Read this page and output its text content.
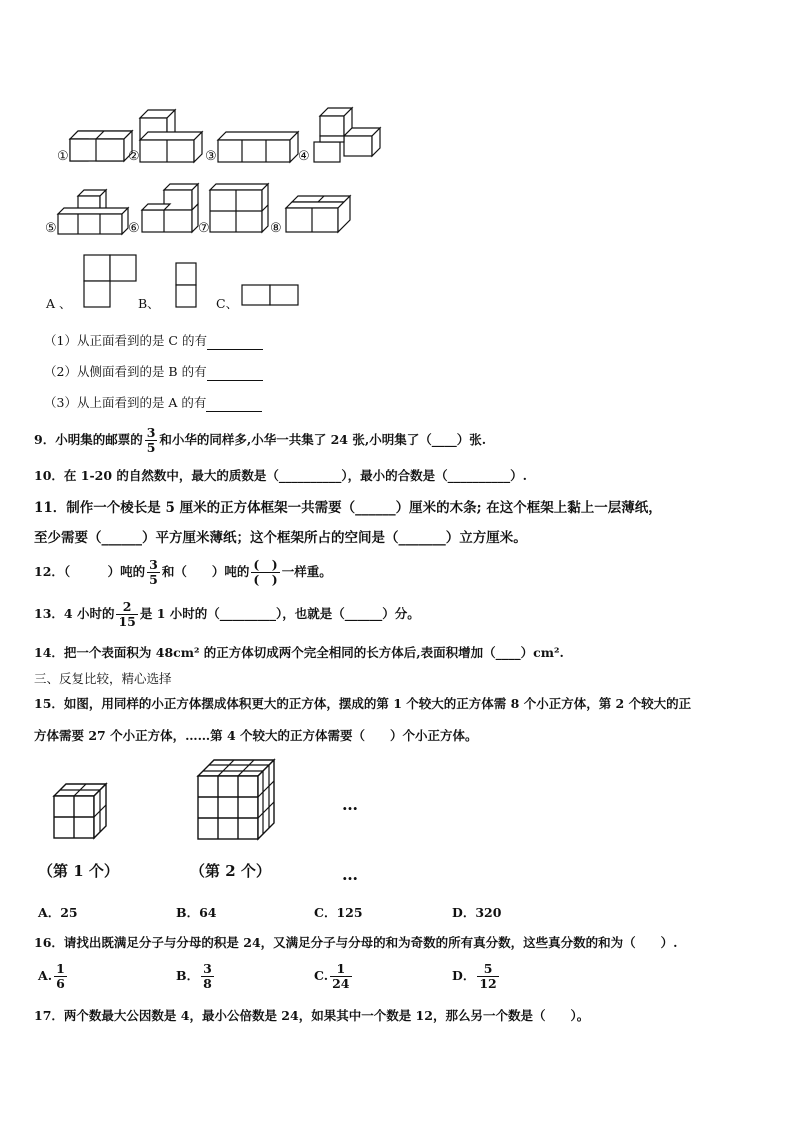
①	②	③	④
⑤	⑥	⑦	⑧
A 、	B、	C、
（1）从正面看到的是 C 的有
（2）从侧面看到的是 B 的有
（3）从上面看到的是 A 的有
9．小明集的邮票的 $\frac{3}{5}$ 和小华的同样多,小华一共集了 24 张,小明集了（____）张.
10．在 1-20 的自然数中，最大的质数是（__________），最小的合数是（__________）.
11．制作一个棱长是 5 厘米的正方体框架一共需要（______）厘米的木条; 在这个框架上黏上一层薄纸，
至少需要（______）平方厘米薄纸；这个框架所占的空间是（_______）立方厘米。
12．（　　　）吨的 $\frac{3}{5}$ 和（　　）吨的 $\frac{( )}{( )}$ 一样重。
13．4 小时的 $\frac{2}{15}$ 是 1 小时的（_________），也就是（______）分。
14．把一个表面积为 48cm² 的正方体切成两个完全相同的长方体后,表面积增加（____）cm².
三、反复比较，精心选择
15．如图，用同样的小正方体摆成体积更大的正方体，摆成的第 1 个较大的正方体需 8 个小正方体，第 2 个较大的正
方体需要 27 个小正方体，……第 4 个较大的正方体需要（　　）个小正方体。
…
（第 1 个）	（第 2 个）	…
A．25	B．64	C．125	D．320
16．请找出既满足分子与分母的积是 24，又满足分子与分母的和为奇数的所有真分数，这些真分数的和为（　　）.
A. $\frac{1}{6}$	B． $\frac{3}{8}$	C. $\frac{1}{24}$	D． $\frac{5}{12}$
17．两个数最大公因数是 4，最小公倍数是 24，如果其中一个数是 12，那么另一个数是（　　）。
